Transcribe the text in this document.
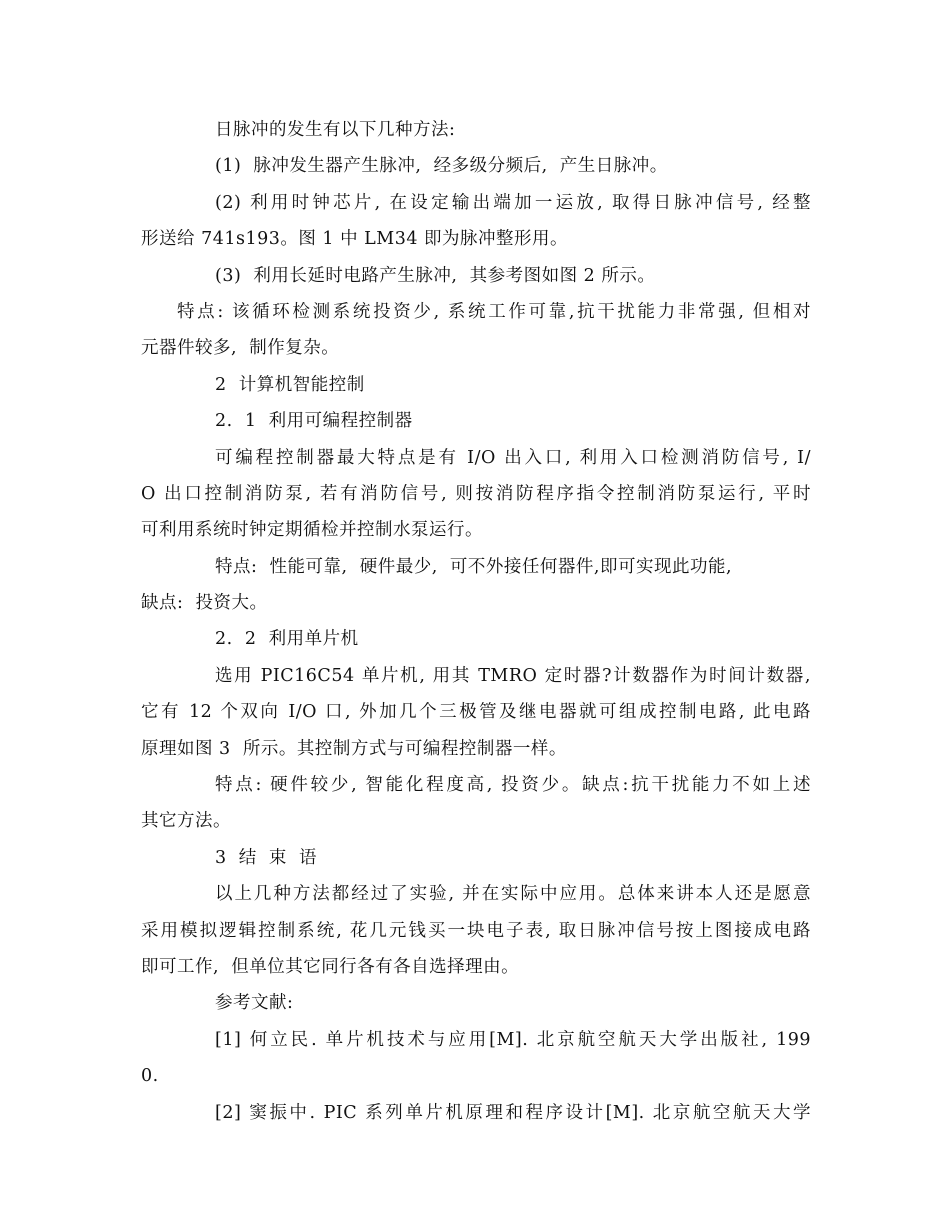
日脉冲的发生有以下几种方法:
(1)  脉冲发生器产生脉冲,  经多级分频后,  产生日脉冲。
(2) 利用时钟芯片, 在设定输出端加一运放, 取得日脉冲信号, 经整
形送给 741s193。图 1 中 LM34 即为脉冲整形用。
(3)  利用长延时电路产生脉冲,  其参考图如图 2 所示。
特点: 该循环检测系统投资少, 系统工作可靠,抗干扰能力非常强, 但相对
元器件较多,  制作复杂。
2  计算机智能控制
2.  1  利用可编程控制器
可编程控制器最大特点是有 I/O 出入口, 利用入口检测消防信号, I/
O 出口控制消防泵, 若有消防信号, 则按消防程序指令控制消防泵运行, 平时
可利用系统时钟定期循检并控制水泵运行。
特点:  性能可靠,  硬件最少,  可不外接任何器件,即可实现此功能,
缺点:  投资大。
2.  2  利用单片机
选用 PIC16C54 单片机, 用其 TMRO 定时器?计数器作为时间计数器,
它有 12 个双向 I/O 口, 外加几个三极管及继电器就可组成控制电路, 此电路
原理如图 3  所示。其控制方式与可编程控制器一样。
特点: 硬件较少, 智能化程度高, 投资少。缺点:抗干扰能力不如上述
其它方法。
3  结  束  语
以上几种方法都经过了实验, 并在实际中应用。总体来讲本人还是愿意
采用模拟逻辑控制系统, 花几元钱买一块电子表, 取日脉冲信号按上图接成电路
即可工作,  但单位其它同行各有各自选择理由。
参考文献:
[1] 何立民. 单片机技术与应用[M]. 北京航空航天大学出版社, 199
0.
[2] 窦振中. PIC 系列单片机原理和程序设计[M]. 北京航空航天大学
